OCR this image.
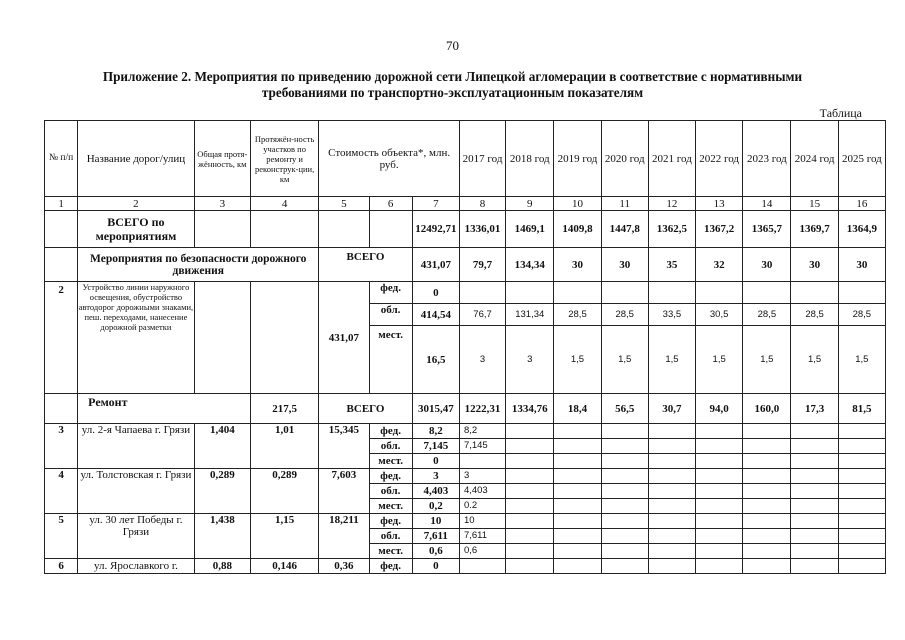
70
Приложение 2. Мероприятия по приведению дорожной сети Липецкой агломерации в соответствие с нормативными
требованиями по транспортно-эксплуатационным показателям
Таблица
№ п/п	Название дорог/улиц	Общая протя-жённость, км	Протяжён-ность участков по ремонту и реконструк-ции, км	Стоимость объекта*, млн. руб.			2017 год	2018 год	2019 год	2020 год	2021 год	2022 год	2023 год	2024 год	2025 год
1	2	3	4	5	6	7	8	9	10	11	12	13	14	15	16
	ВСЕГО по мероприятиям					12492,71	1336,01	1469,1	1409,8	1447,8	1362,5	1367,2	1365,7	1369,7	1364,9
	Мероприятия по безопасности дорожного движения			ВСЕГО		431,07	79,7	134,34	30	30	35	32	30	30	30
2	Устройство линии наружного освещения, обустройство автодорог дорожными знаками, пеш. переходами, нанесение дорожной разметки			431,07	фед.	0									
					обл.	414,54	76,7	131,34	28,5	28,5	33,5	30,5	28,5	28,5	28,5
					мест.	16,5	3	3	1,5	1,5	1,5	1,5	1,5	1,5	1,5
	Ремонт		217,5	ВСЕГО		3015,47	1222,31	1334,76	18,4	56,5	30,7	94,0	160,0	17,3	81,5
3	ул. 2-я Чапаева г. Грязи	1,404	1,01	15,345	фед.	8,2	8,2								
					обл.	7,145	7,145								
					мест.	0									
4	ул. Толстовская г. Грязи	0,289	0,289	7,603	фед.	3	3								
					обл.	4,403	4,403								
					мест.	0,2	0.2								
5	ул. 30 лет Победы г. Грязи	1,438	1,15	18,211	фед.	10	10								
					обл.	7,611	7,611								
					мест.	0,6	0,6								
6	ул. Ярославкого г.	0,88	0,146	0,36	фед.	0									
